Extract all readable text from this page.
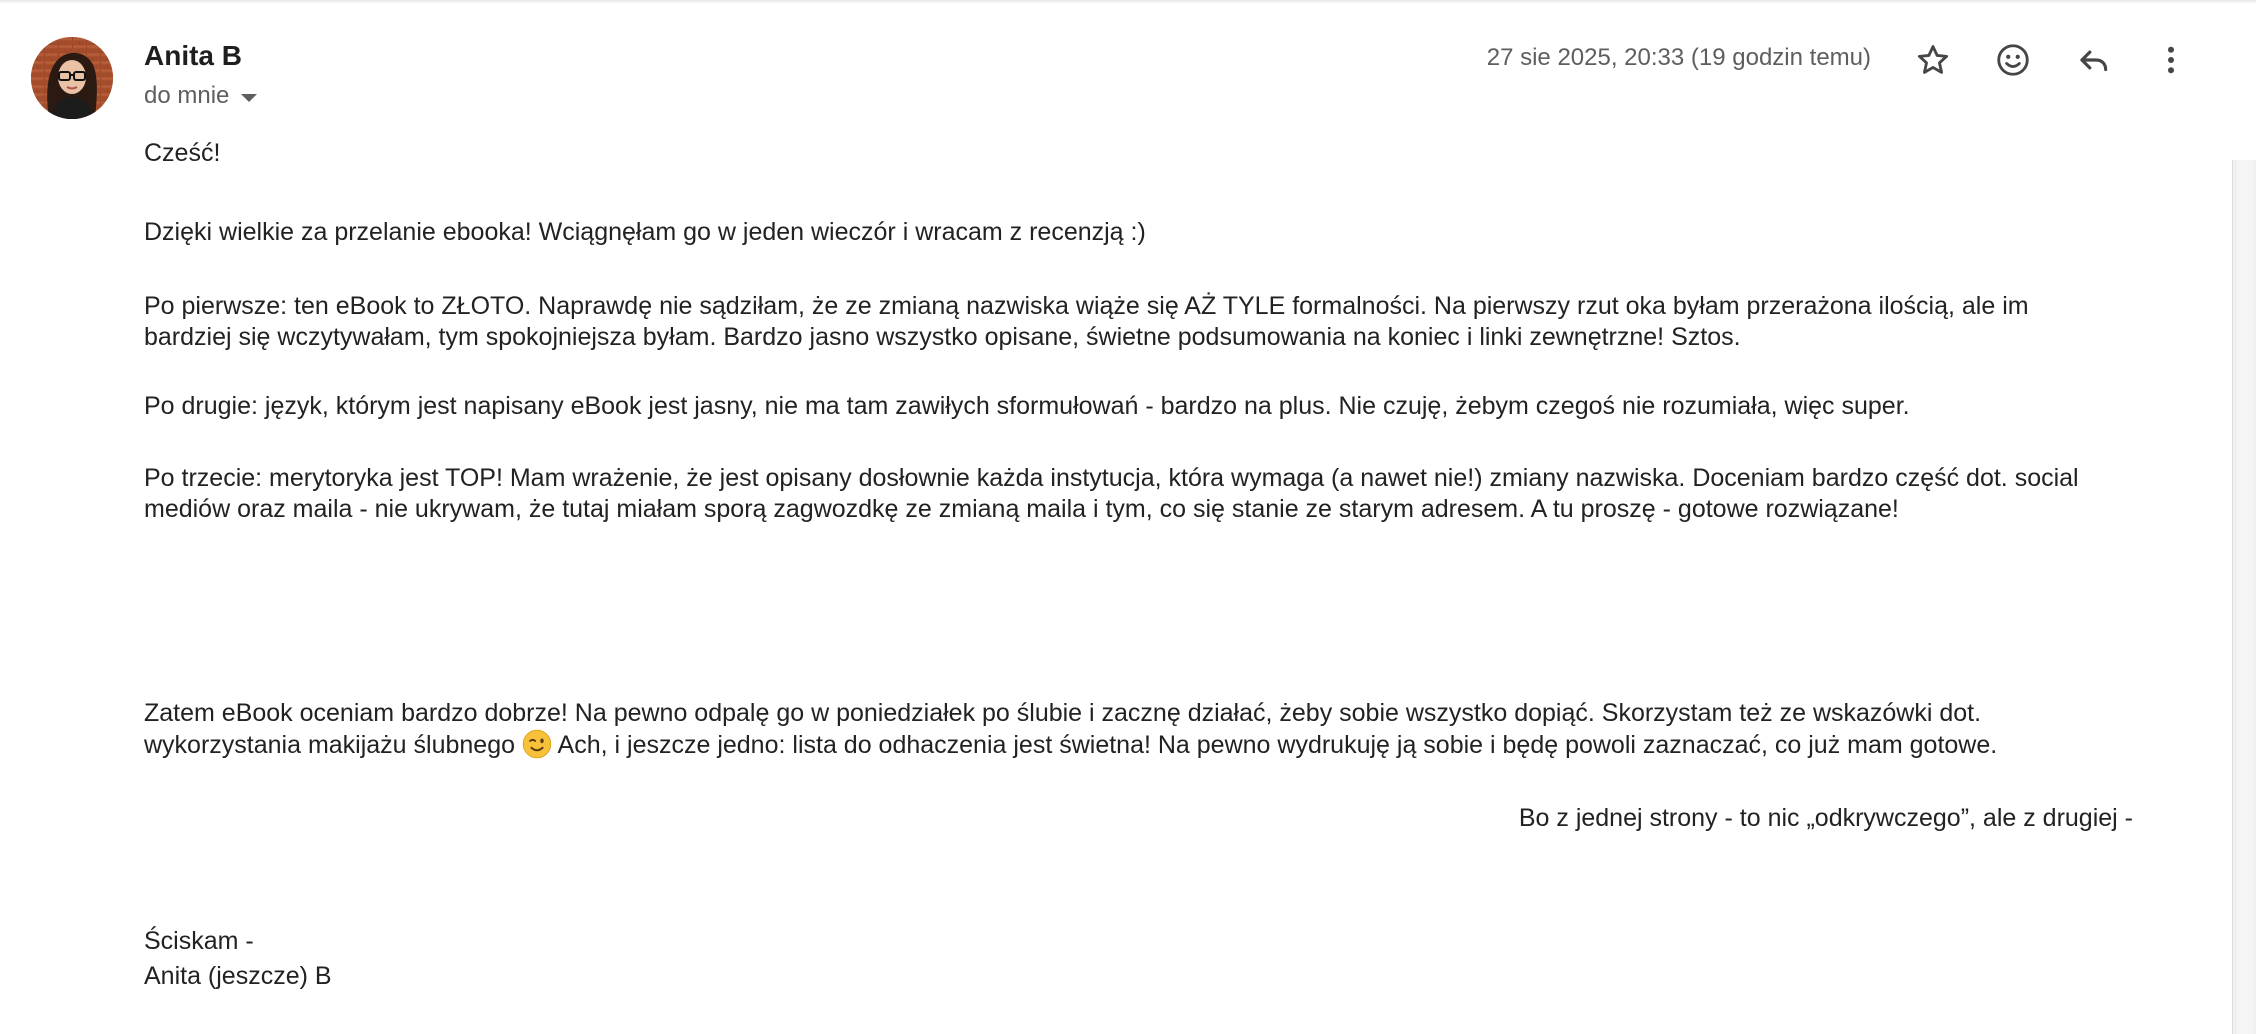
Anita B
do mnie
27 sie 2025, 20:33 (19 godzin temu)
Cześć!
Dzięki wielkie za przelanie ebooka! Wciągnęłam go w jeden wieczór i wracam z recenzją :)
Po pierwsze: ten eBook to ZŁOTO. Naprawdę nie sądziłam, że ze zmianą nazwiska wiąże się AŻ TYLE formalności. Na pierwszy rzut oka byłam przerażona ilością, ale im
bardziej się wczytywałam, tym spokojniejsza byłam. Bardzo jasno wszystko opisane, świetne podsumowania na koniec i linki zewnętrzne! Sztos.
Po drugie: język, którym jest napisany eBook jest jasny, nie ma tam zawiłych sformułowań - bardzo na plus. Nie czuję, żebym czegoś nie rozumiała, więc super.
Po trzecie: merytoryka jest TOP! Mam wrażenie, że jest opisany dosłownie każda instytucja, która wymaga (a nawet nie!) zmiany nazwiska. Doceniam bardzo część dot. social
mediów oraz maila - nie ukrywam, że tutaj miałam sporą zagwozdkę ze zmianą maila i tym, co się stanie ze starym adresem. A tu proszę - gotowe rozwiązane!
Zatem eBook oceniam bardzo dobrze! Na pewno odpalę go w poniedziałek po ślubie i zacznę działać, żeby sobie wszystko dopiąć. Skorzystam też ze wskazówki dot.
wykorzystania makijażu ślubnego Ach, i jeszcze jedno: lista do odhaczenia jest świetna! Na pewno wydrukuję ją sobie i będę powoli zaznaczać, co już mam gotowe.
Bo z jednej strony - to nic „odkrywczego”, ale z drugiej -
Ściskam -
Anita (jeszcze) B
